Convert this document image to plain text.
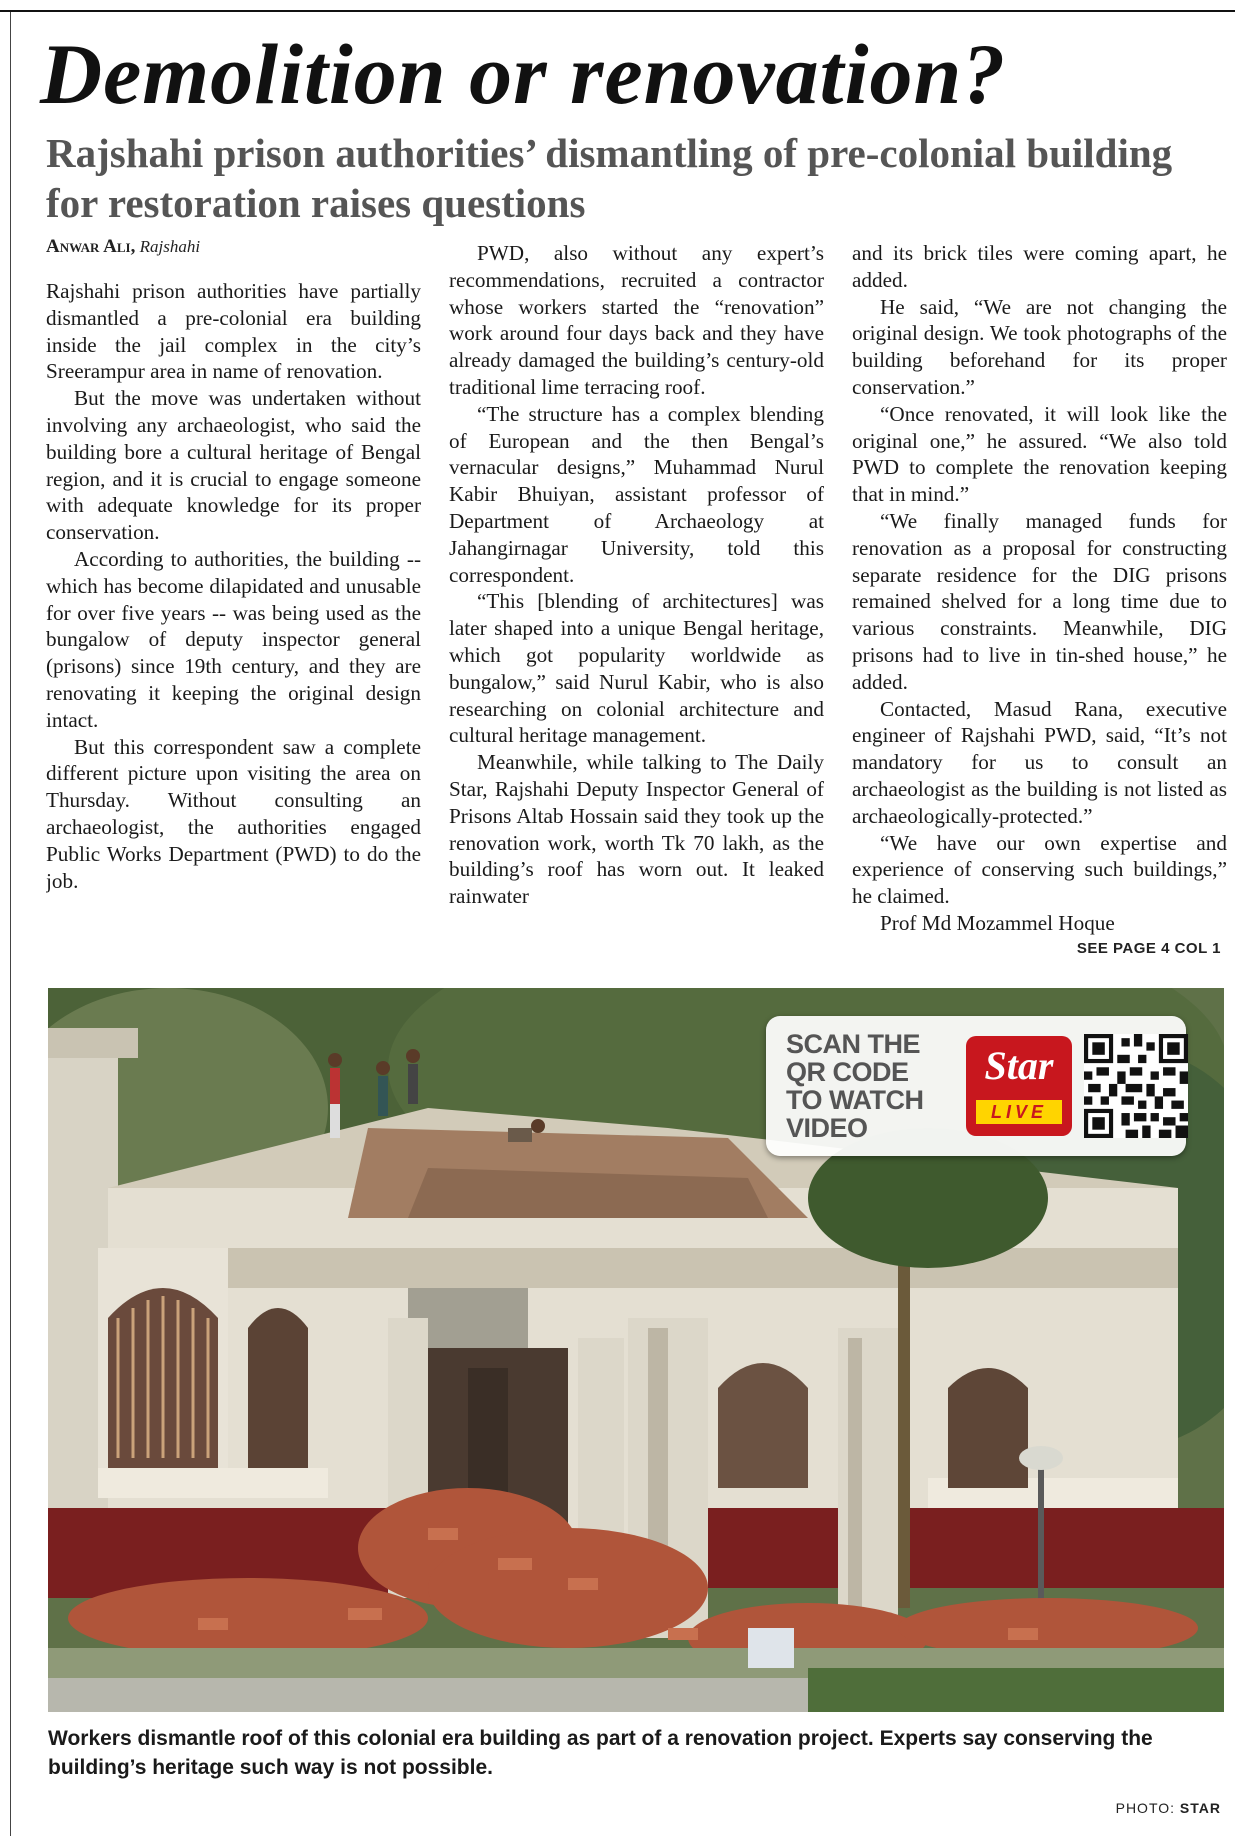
Demolition or renovation?
Rajshahi prison authorities’ dismantling of pre-colonial building for restoration raises questions
Anwar Ali, Rajshahi

Rajshahi prison authorities have partially dismantled a pre-colonial era building inside the jail complex in the city’s Sreerampur area in name of renovation.

But the move was undertaken without involving any archaeologist, who said the building bore a cultural heritage of Bengal region, and it is crucial to engage someone with adequate knowledge for its proper conservation.

According to authorities, the building -- which has become dilapidated and unusable for over five years -- was being used as the bungalow of deputy inspector general (prisons) since 19th century, and they are renovating it keeping the original design intact.

But this correspondent saw a complete different picture upon visiting the area on Thursday. Without consulting an archaeologist, the authorities engaged Public Works Department (PWD) to do the job.

PWD, also without any expert’s recommendations, recruited a contractor whose workers started the “renovation” work around four days back and they have already damaged the building’s century-old traditional lime terracing roof.

“The structure has a complex blending of European and the then Bengal’s vernacular designs,” Muhammad Nurul Kabir Bhuiyan, assistant professor of Department of Archaeology at Jahangirnagar University, told this correspondent.

“This [blending of architectures] was later shaped into a unique Bengal heritage, which got popularity worldwide as bungalow,” said Nurul Kabir, who is also researching on colonial architecture and cultural heritage management.

Meanwhile, while talking to The Daily Star, Rajshahi Deputy Inspector General of Prisons Altab Hossain said they took up the renovation work, worth Tk 70 lakh, as the building’s roof has worn out. It leaked rainwater

and its brick tiles were coming apart, he added.

He said, “We are not changing the original design. We took photographs of the building beforehand for its proper conservation.”

“Once renovated, it will look like the original one,” he assured. “We also told PWD to complete the renovation keeping that in mind.”

“We finally managed funds for renovation as a proposal for constructing separate residence for the DIG prisons remained shelved for a long time due to various constraints. Meanwhile, DIG prisons had to live in tin-shed house,” he added.

Contacted, Masud Rana, executive engineer of Rajshahi PWD, said, “It’s not mandatory for us to consult an archaeologist as the building is not listed as archaeologically-protected.”

“We have our own expertise and experience of conserving such buildings,” he claimed.

Prof Md Mozammel Hoque

SEE PAGE 4 COL 1
SCAN THE
QR CODE
TO WATCH
VIDEO
Star
LIVE
Workers dismantle roof of this colonial era building as part of a renovation project. Experts say conserving the building’s heritage such way is not possible.
PHOTO: STAR
